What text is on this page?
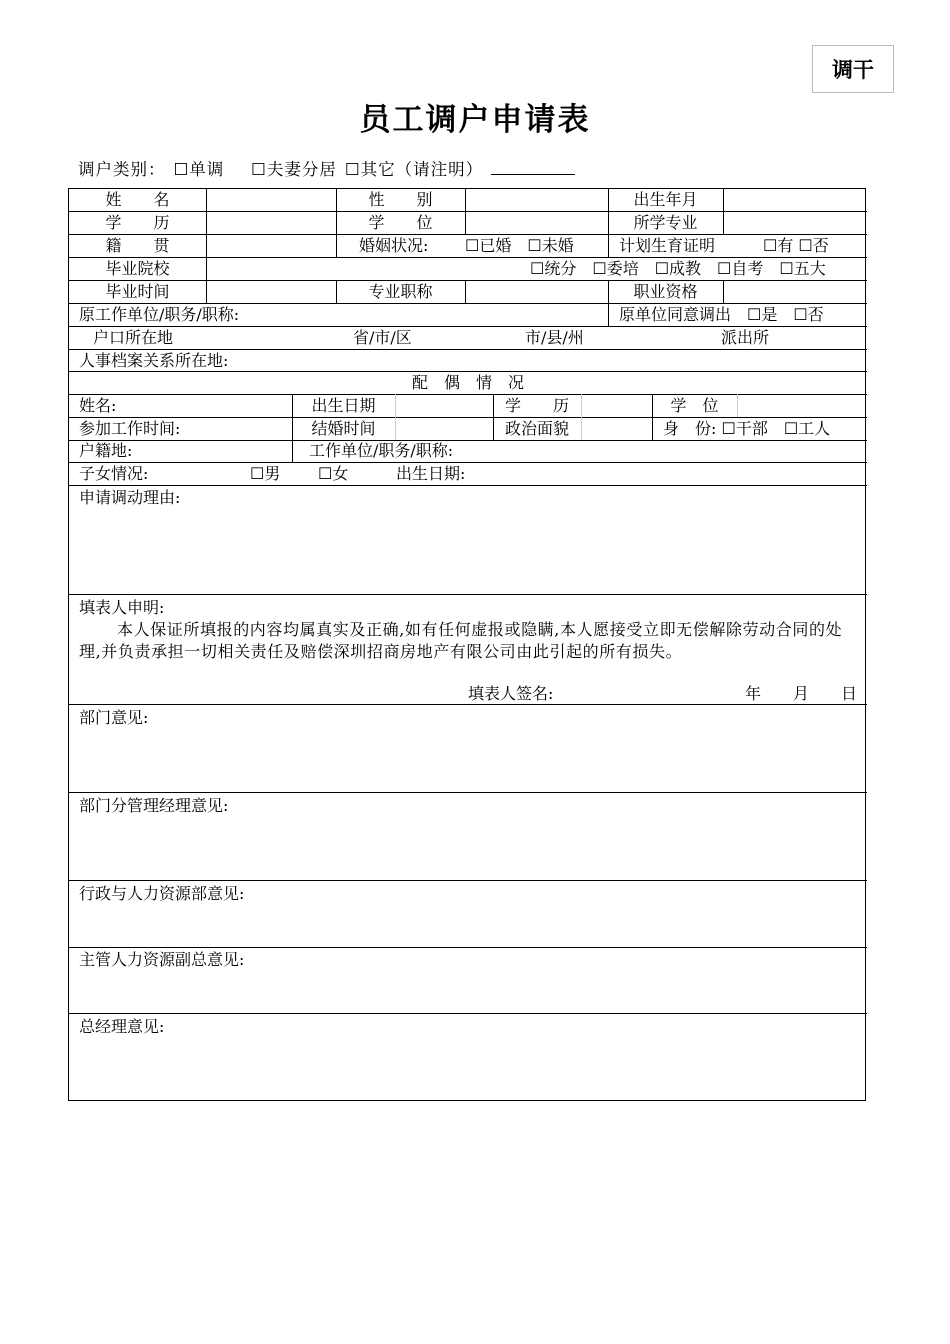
调干
员工调户申请表
调户类别： ☐单调 ☐夫妻分居 ☐其它（请注明）
姓　　名	性　　别	出生年月
学　　历	学　　位	所学专业
籍　　贯	婚姻状况: ☐已婚　☐未婚	计划生育证明	☐有 ☐否
毕业院校	☐统分　☐委培　☐成教　☐自考　☐五大
毕业时间	专业职称	职业资格
原工作单位/职务/职称:	原单位同意调出　☐是　☐否
户口所在地	省/市/区	市/县/州	派出所
人事档案关系所在地:
配　偶　情　况
姓名:	出生日期	学　　历	学　位
参加工作时间:	结婚时间	政治面貌	身　份: ☐干部　☐工人
户籍地:	工作单位/职务/职称:
子女情况:	☐男 ☐女	出生日期:
申请调动理由:
填表人申明:
本人保证所填报的内容均属真实及正确,如有任何虚报或隐瞒,本人愿接受立即无偿解除劳动合同的处理,并负责承担一切相关责任及赔偿深圳招商房地产有限公司由此引起的所有损失。
填表人签名:	年 月 日
部门意见:
部门分管理经理意见:
行政与人力资源部意见:
主管人力资源副总意见:
总经理意见:
